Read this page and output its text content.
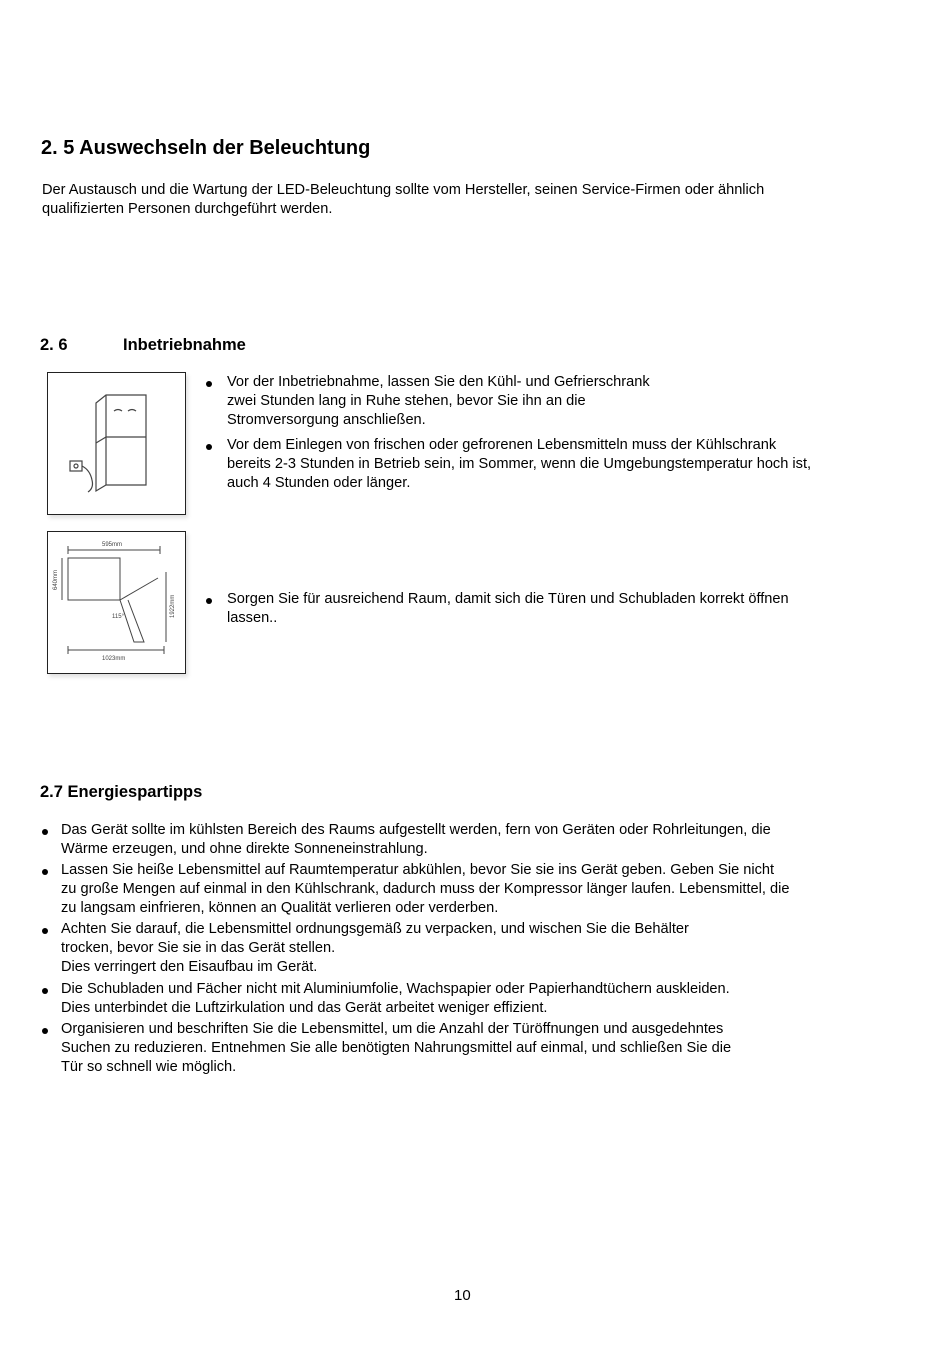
2. 5 Auswechseln der Beleuchtung
Der Austausch und die Wartung der LED-Beleuchtung sollte vom Hersteller, seinen Service-Firmen oder ähnlich
qualifizierten Personen durchgeführt werden.
2. 6	Inbetriebnahme
Vor der Inbetriebnahme, lassen Sie den Kühl- und Gefrierschrank
zwei Stunden lang in Ruhe stehen, bevor Sie ihn an die
Stromversorgung anschließen.
Vor dem Einlegen von frischen oder gefrorenen Lebensmitteln muss der Kühlschrank
bereits 2-3 Stunden in Betrieb sein, im Sommer, wenn die Umgebungstemperatur hoch ist,
auch 4 Stunden oder länger.
595mm
640mm
1922mm
115°
1023mm
Sorgen Sie für ausreichend Raum, damit sich die Türen und Schubladen korrekt öffnen
lassen..
2.7 Energiespartipps
Das Gerät sollte im kühlsten Bereich des Raums aufgestellt werden, fern von Geräten oder Rohrleitungen, die
Wärme erzeugen, und ohne direkte Sonneneinstrahlung.
Lassen Sie heiße Lebensmittel auf Raumtemperatur abkühlen, bevor Sie sie ins Gerät geben. Geben Sie nicht
zu große Mengen auf einmal in den Kühlschrank, dadurch muss der Kompressor länger laufen. Lebensmittel, die
zu langsam einfrieren, können an Qualität verlieren oder verderben.
Achten Sie darauf, die Lebensmittel ordnungsgemäß zu verpacken, und wischen Sie die Behälter
trocken, bevor Sie sie in das Gerät stellen.
Dies verringert den Eisaufbau im Gerät.
Die Schubladen und Fächer nicht mit Aluminiumfolie, Wachspapier oder Papierhandtüchern auskleiden.
Dies unterbindet die Luftzirkulation und das Gerät arbeitet weniger effizient.
Organisieren und beschriften Sie die Lebensmittel, um die Anzahl der Türöffnungen und ausgedehntes
Suchen zu reduzieren. Entnehmen Sie alle benötigten Nahrungsmittel auf einmal, und schließen Sie die
Tür so schnell wie möglich.
10
